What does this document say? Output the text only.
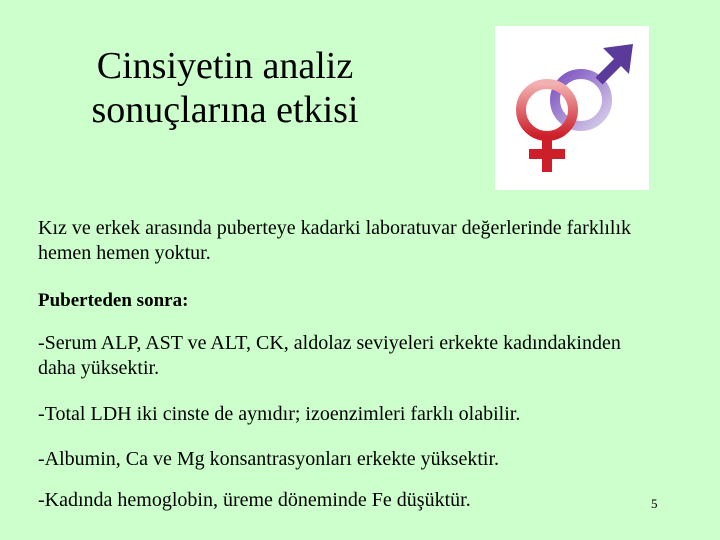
Cinsiyetin analiz sonuçlarına etkisi
Kız ve erkek arasında puberteye kadarki laboratuvar değerlerinde farklılık hemen hemen yoktur.
Puberteden sonra:
-Serum ALP, AST ve ALT, CK, aldolaz seviyeleri erkekte kadındakinden daha yüksektir.
-Total LDH iki cinste de aynıdır; izoenzimleri farklı olabilir.
-Albumin, Ca ve Mg konsantrasyonları erkekte yüksektir.
-Kadında hemoglobin, üreme döneminde Fe düşüktür.	5
